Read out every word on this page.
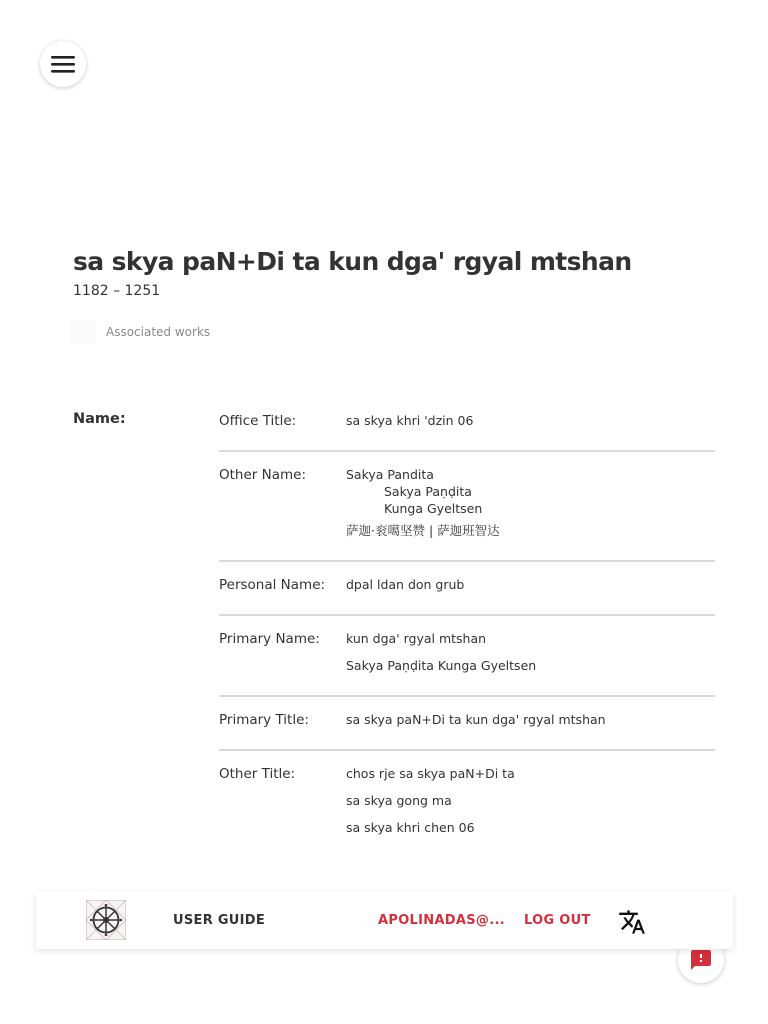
sa skya paN+Di ta kun dga' rgyal mtshan
1182 – 1251
Associated works
Name:	Office Title:	sa skya khri 'dzin 06
Other Name:	Sakya Pandita
Sakya Paṇḍita
Kunga Gyeltsen
萨迦·衮噶坚赞 | 萨迦班智达
Personal Name:	dpal ldan don grub
Primary Name:	kun dga' rgyal mtshan
Sakya Paṇḍita Kunga Gyeltsen
Primary Title:	sa skya paN+Di ta kun dga' rgyal mtshan
Other Title:	chos rje sa skya paN+Di ta
sa skya gong ma
sa skya khri chen 06
USER GUIDE	APOLINADAS@... LOG OUT
